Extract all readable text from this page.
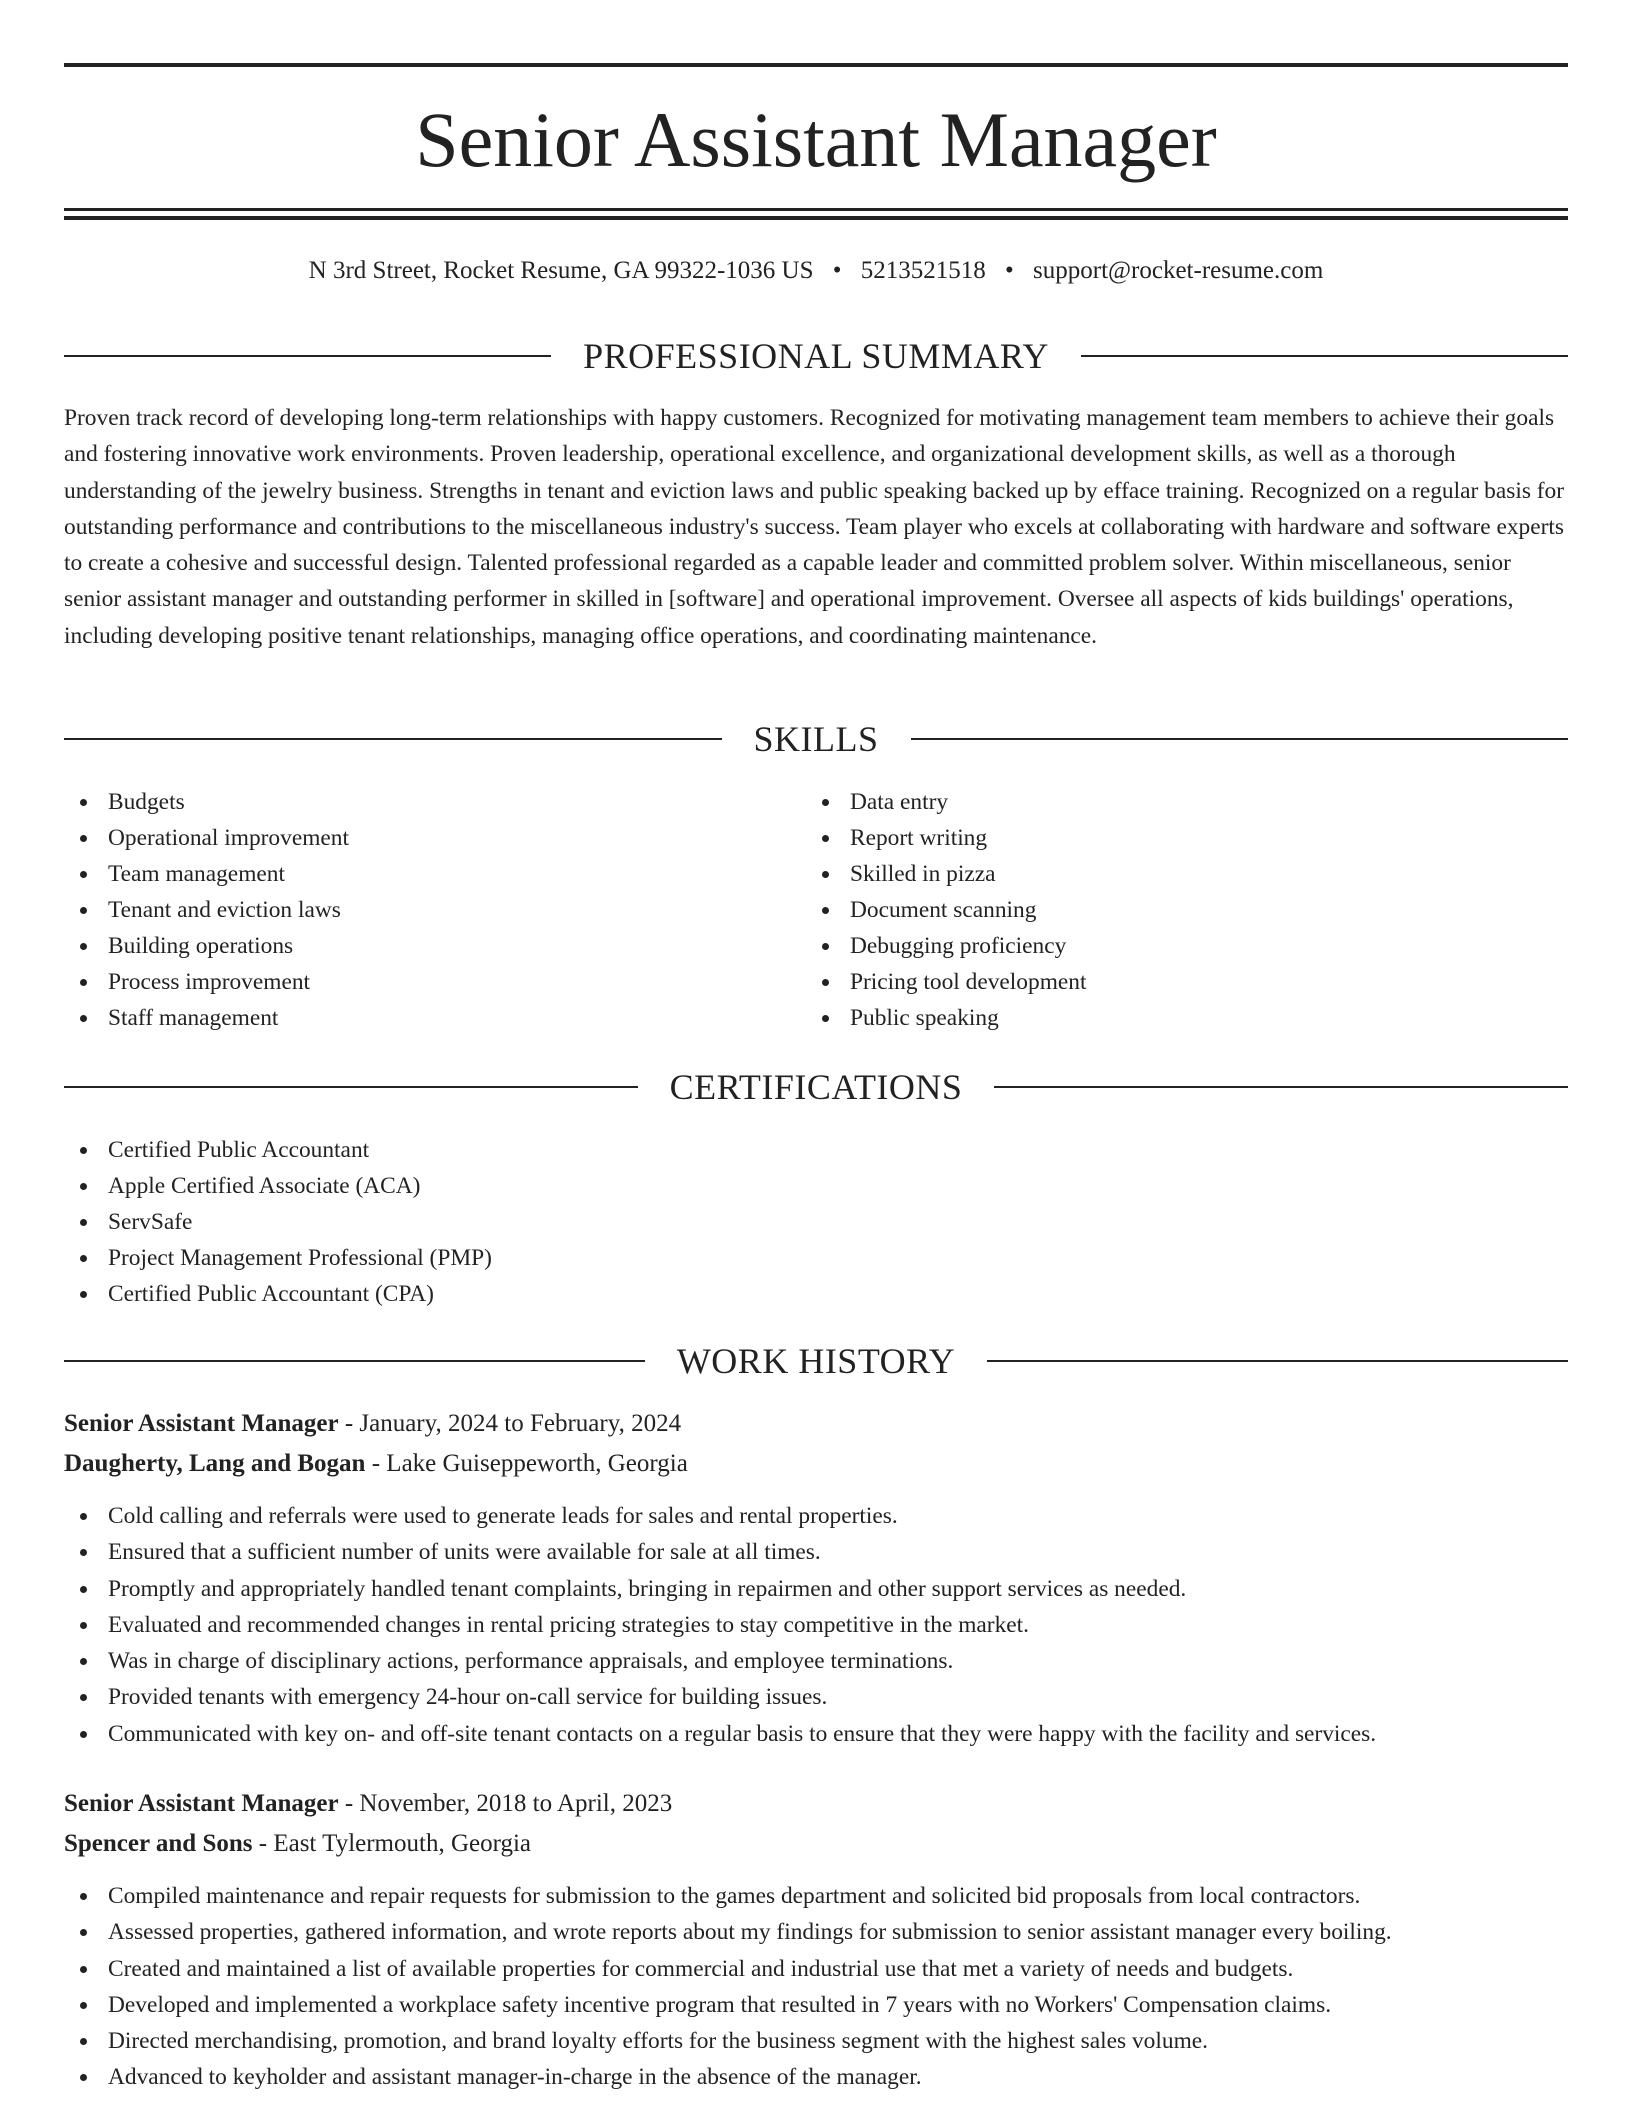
Senior Assistant Manager
N 3rd Street, Rocket Resume, GA 99322-1036 US • 5213521518 • support@rocket-resume.com
PROFESSIONAL SUMMARY

Proven track record of developing long-term relationships with happy customers. Recognized for motivating management team members to achieve their goals and fostering innovative work environments. Proven leadership, operational excellence, and organizational development skills, as well as a thorough understanding of the jewelry business. Strengths in tenant and eviction laws and public speaking backed up by efface training. Recognized on a regular basis for outstanding performance and contributions to the miscellaneous industry's success. Team player who excels at collaborating with hardware and software experts to create a cohesive and successful design. Talented professional regarded as a capable leader and committed problem solver. Within miscellaneous, senior senior assistant manager and outstanding performer in skilled in [software] and operational improvement. Oversee all aspects of kids buildings' operations, including developing positive tenant relationships, managing office operations, and coordinating maintenance.

SKILLS
Budgets
Operational improvement
Team management
Tenant and eviction laws
Building operations
Process improvement
Staff management
Data entry
Report writing
Skilled in pizza
Document scanning
Debugging proficiency
Pricing tool development
Public speaking
CERTIFICATIONS
Certified Public Accountant
Apple Certified Associate (ACA)
ServSafe
Project Management Professional (PMP)
Certified Public Accountant (CPA)
WORK HISTORY
Senior Assistant Manager - January, 2024 to February, 2024
Daugherty, Lang and Bogan - Lake Guiseppeworth, Georgia
Cold calling and referrals were used to generate leads for sales and rental properties.
Ensured that a sufficient number of units were available for sale at all times.
Promptly and appropriately handled tenant complaints, bringing in repairmen and other support services as needed.
Evaluated and recommended changes in rental pricing strategies to stay competitive in the market.
Was in charge of disciplinary actions, performance appraisals, and employee terminations.
Provided tenants with emergency 24-hour on-call service for building issues.
Communicated with key on- and off-site tenant contacts on a regular basis to ensure that they were happy with the facility and services.
Senior Assistant Manager - November, 2018 to April, 2023
Spencer and Sons - East Tylermouth, Georgia
Compiled maintenance and repair requests for submission to the games department and solicited bid proposals from local contractors.
Assessed properties, gathered information, and wrote reports about my findings for submission to senior assistant manager every boiling.
Created and maintained a list of available properties for commercial and industrial use that met a variety of needs and budgets.
Developed and implemented a workplace safety incentive program that resulted in 7 years with no Workers' Compensation claims.
Directed merchandising, promotion, and brand loyalty efforts for the business segment with the highest sales volume.
Advanced to keyholder and assistant manager-in-charge in the absence of the manager.
